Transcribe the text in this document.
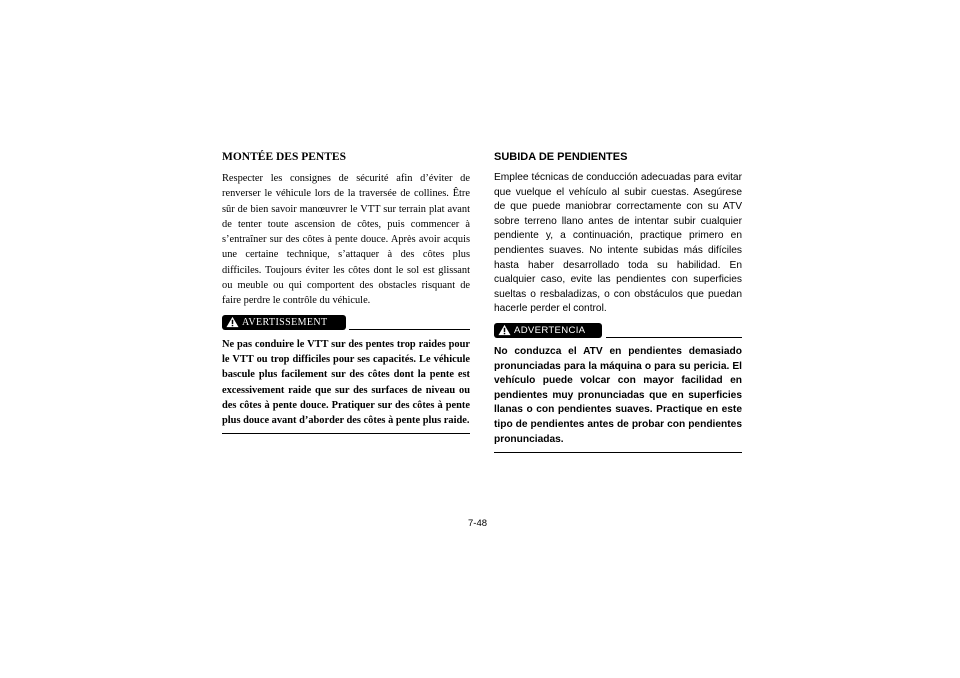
MONTÉE DES PENTES

Respecter les consignes de sécurité afin d’éviter de renverser le véhicule lors de la traversée de collines. Être sûr de bien savoir manœuvrer le VTT sur terrain plat avant de tenter toute ascension de côtes, puis commencer à s’entraîner sur des côtes à pente douce. Après avoir acquis une certaine technique, s’attaquer à des côtes plus difficiles. Toujours éviter les côtes dont le sol est glissant ou meuble ou qui comportent des obstacles risquant de faire perdre le contrôle du véhicule.

AVERTISSEMENT

Ne pas conduire le VTT sur des pentes trop raides pour le VTT ou trop difficiles pour ses capacités. Le véhicule bascule plus facilement sur des côtes dont la pente est excessivement raide que sur des surfaces de niveau ou des côtes à pente douce. Pratiquer sur des côtes à pente plus douce avant d’aborder des côtes à pente plus raide.

SUBIDA DE PENDIENTES

Emplee técnicas de conducción adecuadas para evitar que vuelque el vehículo al subir cuestas. Asegúrese de que puede maniobrar correctamente con su ATV sobre terreno llano antes de intentar subir cualquier pendiente y, a continuación, practique primero en pendientes suaves. No intente subidas más difíciles hasta haber desarrollado toda su habilidad. En cualquier caso, evite las pendientes con superficies sueltas o resbaladizas, o con obstáculos que puedan hacerle perder el control.

ADVERTENCIA

No conduzca el ATV en pendientes demasiado pronunciadas para la máquina o para su pericia. El vehículo puede volcar con mayor facilidad en pendientes muy pronunciadas que en superficies llanas o con pendientes suaves. Practique en este tipo de pendientes antes de probar con pendientes pronunciadas.

7-48
